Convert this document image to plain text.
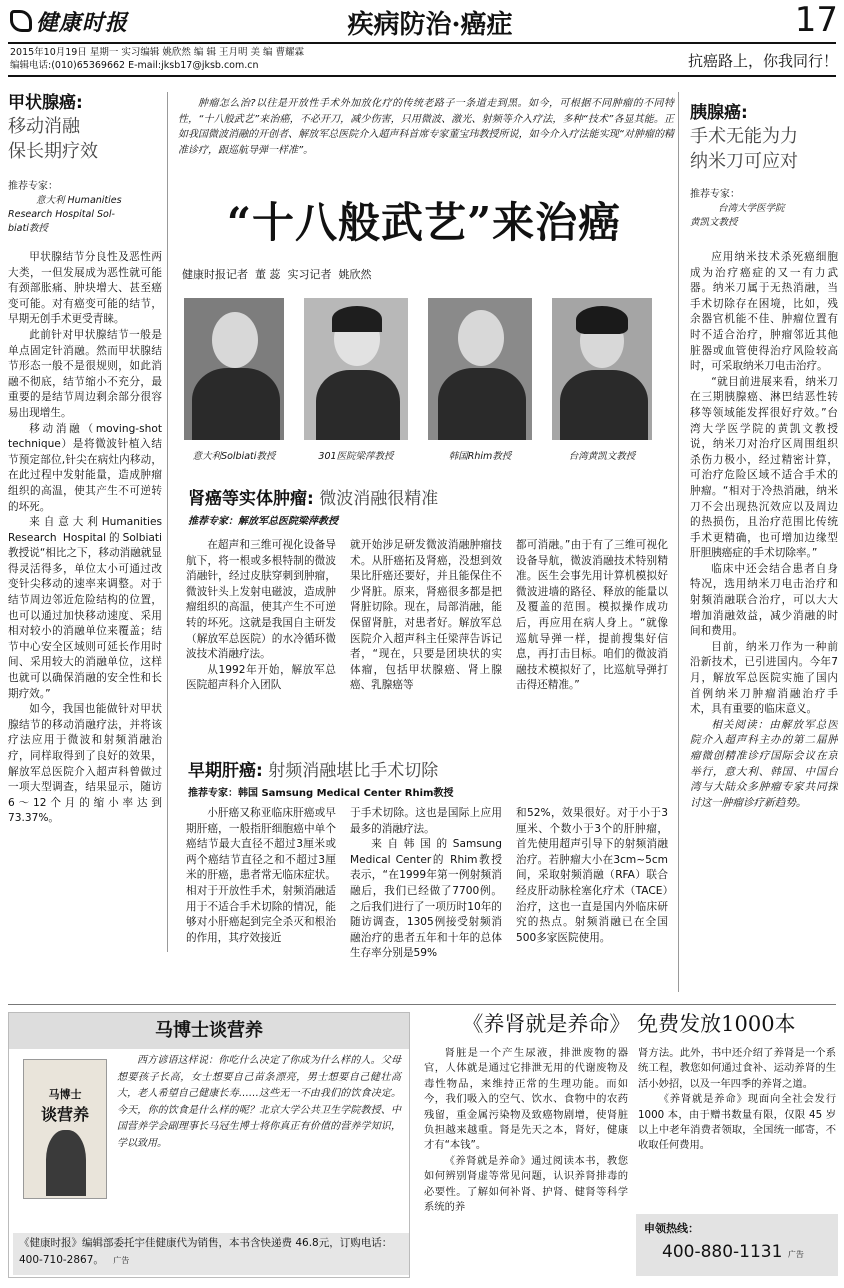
健康时报	疾病防治·癌症	17
2015年10月19日 星期一 实习编辑 姚欣然 编 辑 王月明 美 编 曹耀霖
编辑电话:(010)65369662 E-mail:jksb17@jksb.com.cn	抗癌路上，你我同行！
甲状腺癌:
移动消融
保长期疗效
推荐专家：
意大利 Humanities
Research Hospital Sol-
biati教授

甲状腺结节分良性及恶性两大类，一但发展成为恶性就可能有颈部胀痛、肿块增大、甚至癌变可能。对有癌变可能的结节，早期无创手术更受青睐。

此前针对甲状腺结节一般是单点固定针消融。然而甲状腺结节形态一般不是很规则，如此消融不彻底，结节缩小不充分，最重要的是结节周边剩余部分很容易出现增生。

移动消融（moving-shot technique）是将微波针植入结节预定部位,针尖在病灶内移动，在此过程中发射能量，造成肿瘤组织的高温，使其产生不可逆转的坏死。

来自意大利Humanities Research Hospital的Solbiati教授说“相比之下，移动消融就显得灵活得多，单位太小可通过改变针尖移动的速率来调整。对于结节周边邻近危险结构的位置，也可以通过加快移动速度、采用相对较小的消融单位来覆盖；结节中心安全区域则可延长作用时间、采用较大的消融单位，这样也就可以确保消融的安全性和长期疗效。”

如今，我国也能做针对甲状腺结节的移动消融疗法，并将该疗法应用于微波和射频消融治疗，同样取得到了良好的效果，解放军总医院介入超声科曾做过一项大型调查，结果显示，随访6～12个月的缩小率达到73.37%。

肿瘤怎么治?以往是开放性手术外加放化疗的传统老路子一条道走到黑。如今，可根据不同肿瘤的不同特性，“十八般武艺”来治癌，不必开刀，减少伤害，只用微波、激光、射频等介入疗法，多种“技术”各显其能。正如我国微波消融的开创者、解放军总医院介入超声科首席专家董宝玮教授所说，如今介入疗法能实现“对肿瘤的精准诊疗，跟巡航导弹一样准”。
“十八般武艺”来治癌
健康时报记者  董 蕊  实习记者  姚欣然
意大利Solbiati教授	301医院梁萍教授	韩国Rhim教授	台湾黄凯文教授
肾癌等实体肿瘤: 微波消融很精准
推荐专家：解放军总医院梁萍教授

在超声和三维可视化设备导航下，将一根或多根特制的微波消融针，经过皮肤穿刺到肿瘤，微波针头上发射电磁波，造成肿瘤组织的高温，使其产生不可逆转的坏死。这就是我国自主研发（解放军总医院）的水冷循环微波技术消融疗法。

从1992年开始，解放军总医院超声科介入团队

就开始涉足研发微波消融肿瘤技术。从肝癌拓及肾癌，没想到效果比肝癌还要好，并且能保住不少肾脏。原来，肾癌很多都是把肾脏切除。现在，局部消融，能保留肾脏，对患者好。解放军总医院介入超声科主任梁萍告诉记者，“现在，只要是团块状的实体瘤，包括甲状腺癌、肾上腺癌、乳腺癌等

都可消融。”由于有了三维可视化设备导航，微波消融技术特别精准。医生会事先用计算机模拟好微波进墙的路径、释放的能量以及覆盖的范围。模拟操作成功后，再应用在病人身上。“就像巡航导弹一样，提前搜集好信息，再打击目标。咱们的微波消融技术模拟好了，比巡航导弹打击得还精准。”

早期肝癌: 射频消融堪比手术切除
推荐专家：韩国 Samsung Medical Center Rhim教授

小肝癌又称亚临床肝癌或早期肝癌，一般指肝细胞癌中单个癌结节最大直径不超过3厘米或两个癌结节直径之和不超过3厘米的肝癌，患者常无临床症状。相对于开放性手术，射频消融适用于不适合手术切除的情况，能够对小肝癌起到完全杀灭和根治的作用，其疗效接近

于手术切除。这也是国际上应用最多的消融疗法。

来自韩国的Samsung Medical Center的 Rhim教授表示，“在1999年第一例射频消融后，我们已经做了7700例。之后我们进行了一项历时10年的随访调查，1305例接受射频消融治疗的患者五年和十年的总体生存率分别是59%

和52%，效果很好。对于小于3厘米、个数小于3个的肝肿瘤，首先使用超声引导下的射频消融治疗。若肿瘤大小在3cm~5cm间，采取射频消融（RFA）联合经皮肝动脉栓塞化疗术（TACE）治疗，这也一直是国内外临床研究的热点。射频消融已在全国500多家医院使用。

胰腺癌:
手术无能为力
纳米刀可应对
推荐专家：
台湾大学医学院
黄凯文教授

应用纳米技术杀死癌细胞成为治疗癌症的又一有力武器。纳米刀属于无热消融，当手术切除存在困境，比如，残余器官机能不佳、肿瘤位置有时不适合治疗，肿瘤邻近其他脏器或血管使得治疗风险较高时，可采取纳米刀电击治疗。

“就目前进展来看，纳米刀在三期胰腺癌、淋巴结恶性转移等领域能发挥很好疗效。”台湾大学医学院的黄凯文教授说，纳米刀对治疗区周围组织杀伤力极小，经过精密计算，可治疗危险区域不适合手术的肿瘤。“相对于冷热消融，纳米刀不会出现热沉效应以及周边的热损伤，且治疗范围比传统手术更精确，也可增加边缘型肝胆胰癌症的手术切除率。”

临床中还会结合患者自身特况，选用纳米刀电击治疗和射频消融联合治疗，可以大大增加消融效益，减少消融的时间和费用。

目前，纳米刀作为一种前沿新技术，已引进国内。今年7月，解放军总医院实施了国内首例纳米刀肿瘤消融治疗手术，具有重要的临床意义。

相关阅读：由解放军总医院介入超声科主办的第二届肿瘤微创精准诊疗国际会议在京举行，意大利、韩国、中国台湾与大陆众多肿瘤专家共同探讨这一肿瘤诊疗新趋势。

马博士谈营养
马博士
谈营养
西方谚语这样说：你吃什么决定了你成为什么样的人。父母想要孩子长高，女士想要自己苗条漂亮，男士想要自己健壮高大，老人希望自己健康长寿……这些无一不由我们的饮食决定。今天，你的饮食是什么样的呢？北京大学公共卫生学院教授、中国营养学会副理事长马冠生博士将你真正有价值的营养学知识，学以致用。
《健康时报》编辑部委托宇佳健康代为销售，本书含快递费 46.8元，订购电话：400-710-2867。 广告
《养肾就是养命》 免费发放1000本

肾脏是一个产生尿液，排泄废物的器官，人体就是通过它排泄无用的代谢废物及毒性物品，来维持正常的生理功能。而如今，我们吸入的空气、饮水、食物中的农药残留，重金属污染物及致癌物剧增，使肾脏负担越来越重。肾是先天之本，肾好，健康才有“本钱”。

《养肾就是养命》通过阅读本书，教您如何辨别肾虚等常见问题，认识养肾排毒的必要性。了解如何补肾、护肾、健肾等科学系统的养

肾方法。此外，书中还介绍了养肾是一个系统工程，教您如何通过食补、运动养肾的生活小妙招，以及一年四季的养肾之道。

《养肾就是养命》现面向全社会发行 1000 本，由于赠书数量有限，仅限 45 岁以上中老年消费者领取，全国统一邮寄，不收取任何费用。

申领热线：
400-880-1131 广告
